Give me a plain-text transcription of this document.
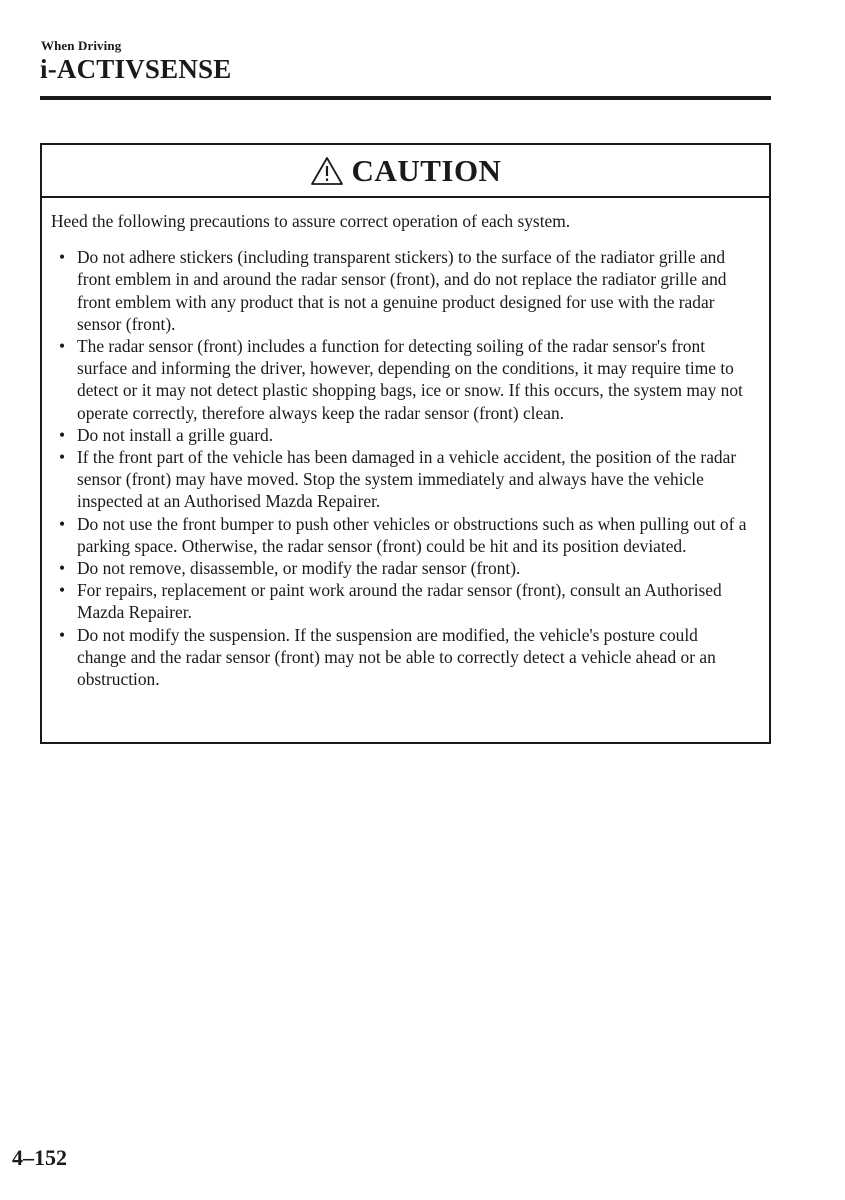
When Driving
i-ACTIVSENSE
CAUTION

Heed the following precautions to assure correct operation of each system.

• Do not adhere stickers (including transparent stickers) to the surface of the radiator grille and front emblem in and around the radar sensor (front), and do not replace the radiator grille and front emblem with any product that is not a genuine product designed for use with the radar sensor (front).
• The radar sensor (front) includes a function for detecting soiling of the radar sensor's front surface and informing the driver, however, depending on the conditions, it may require time to detect or it may not detect plastic shopping bags, ice or snow. If this occurs, the system may not operate correctly, therefore always keep the radar sensor (front) clean.
• Do not install a grille guard.
• If the front part of the vehicle has been damaged in a vehicle accident, the position of the radar sensor (front) may have moved. Stop the system immediately and always have the vehicle inspected at an Authorised Mazda Repairer.
• Do not use the front bumper to push other vehicles or obstructions such as when pulling out of a parking space. Otherwise, the radar sensor (front) could be hit and its position deviated.
• Do not remove, disassemble, or modify the radar sensor (front).
• For repairs, replacement or paint work around the radar sensor (front), consult an Authorised Mazda Repairer.
• Do not modify the suspension. If the suspension are modified, the vehicle's posture could change and the radar sensor (front) may not be able to correctly detect a vehicle ahead or an obstruction.
4–152
